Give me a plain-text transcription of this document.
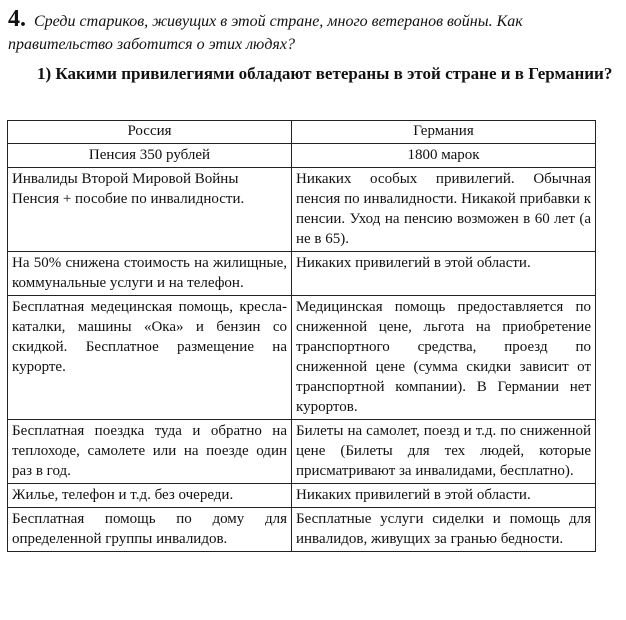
4. Среди стариков, живущих в этой стране, много ветеранов войны. Как правительство заботится о этих людях?
1) Какими привилегиями обладают ветераны в этой стране и в Германии?
Россия	Германия
Пенсия 350 рублей	1800 марок
Инвалиды Второй Мировой Войны Пенсия + пособие по инвалидности.	Никаких особых привилегий. Обычная пенсия по инвалидности. Никакой прибавки к пенсии. Уход на пенсию возможен в 60 лет (а не в 65).
На 50% снижена стоимость на жилищные, коммунальные услуги и на телефон.	Никаких привилегий в этой области.
Бесплатная медецинская помощь, кресла-каталки, машины «Ока» и бензин со скидкой. Бесплатное размещение на курорте.	Медицинская помощь предоставляется по сниженной цене, льгота на приобретение транспортного средства, проезд по сниженной цене (сумма скидки зависит от транспортной компании). В Германии нет курортов.
Бесплатная поездка туда и обратно на теплоходе, самолете или на поезде один раз в год.	Билеты на самолет, поезд и т.д. по сниженной цене (Билеты для тех людей, которые присматривают за инвалидами, бесплатно).
Жилье, телефон и т.д. без очереди.	Никаких привилегий в этой области.
Бесплатная помощь по дому для определенной группы инвалидов.	Бесплатные услуги сиделки и помощь для инвалидов, живущих за гранью бедности.
